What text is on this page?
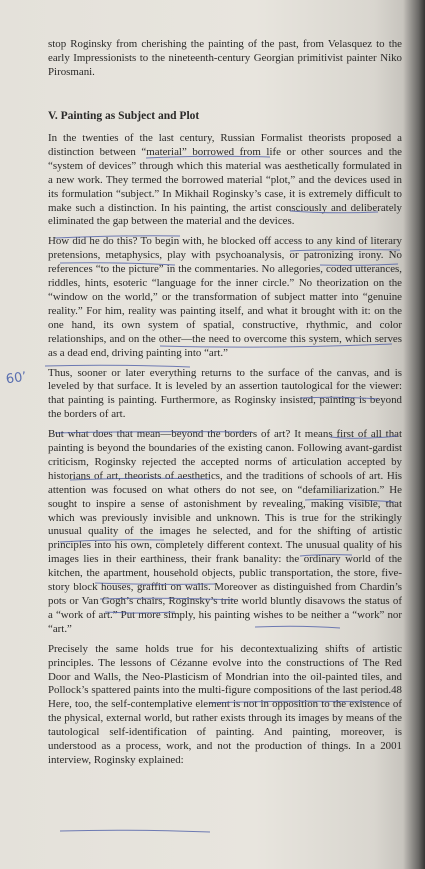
stop Roginsky from cherishing the painting of the past, from Velasquez to the early Impressionists to the nineteenth-century Georgian primitivist painter Niko Pirosmani.

V. Painting as Subject and Plot

In the twenties of the last century, Russian Formalist theorists proposed a distinction between “material” borrowed from life or other sources and the “system of devices” through which this material was aesthetically formulated in a new work. They termed the borrowed material “plot,” and the devices used in its formulation “subject.” In Mikhail Roginsky’s case, it is extremely difficult to make such a distinction. In his painting, the artist consciously and deliberately eliminated the gap between the material and the devices.

How did he do this? To begin with, he blocked off access to any kind of literary pretensions, metaphysics, play with psychoanalysis, or patronizing irony. No references “to the picture” in the commentaries. No allegories, coded utterances, riddles, hints, esoteric “language for the inner circle.” No theorization on the “window on the world,” or the transformation of subject matter into “genuine reality.” For him, reality was painting itself, and what it brought with it: on the one hand, its own system of spatial, constructive, rhythmic, and color relationships, and on the other—the need to overcome this system, which serves as a dead end, driving painting into “art.”

Thus, sooner or later everything returns to the surface of the canvas, and is leveled by that surface. It is leveled by an assertion tautological for the viewer: that painting is painting. Furthermore, as Roginsky insisted, painting is beyond the borders of art.

But what does that mean—beyond the borders of art? It means first of all that painting is beyond the boundaries of the existing canon. Following avant-gardist criticism, Roginsky rejected the accepted norms of articulation accepted by historians of art, theorists of aesthetics, and the traditions of schools of art. His attention was focused on what others do not see, on “defamiliarization.” He sought to inspire a sense of astonishment by revealing, making visible, that which was previously invisible and unknown. This is true for the strikingly unusual quality of the images he selected, and for the shifting of artistic principles into his own, completely different context. The unusual quality of his images lies in their earthiness, their frank banality: the ordinary world of the kitchen, the apartment, household objects, public transportation, the store, five-story block houses, graffiti on walls. Moreover as distinguished from Chardin’s pots or Van Gogh’s chairs, Roginsky’s trite world bluntly disavows the status of a “work of art.” Put more simply, his painting wishes to be neither a “work” nor “art.”

Precisely the same holds true for his decontextualizing shifts of artistic principles. The lessons of Cézanne evolve into the constructions of The Red Door and Walls, the Neo-Plasticism of Mondrian into the oil-painted tiles, and Pollock’s spattered paints into the multi-figure compositions of the last period.48 Here, too, the self-contemplative element is not in opposition to the existence of the physical, external world, but rather exists through its images by means of the tautological self-identification of painting. And painting, moreover, is understood as a process, work, and not the production of things. In a 2001 interview, Roginsky explained:

60’
